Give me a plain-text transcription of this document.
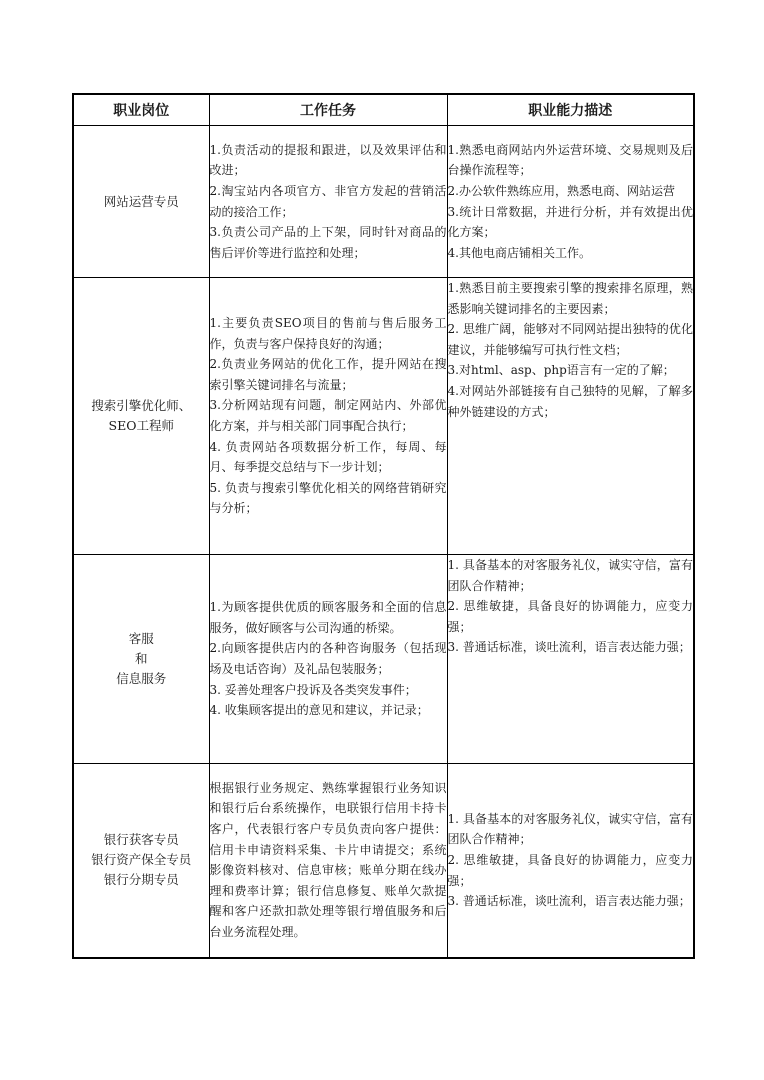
职业岗位	工作任务	职业能力描述

网站运营专员	1.负责活动的提报和跟进，以及效果评估和改进；
2.淘宝站内各项官方、非官方发起的营销活动的接洽工作；
3.负责公司产品的上下架，同时针对商品的售后评价等进行监控和处理；	1.熟悉电商网站内外运营环境、交易规则及后台操作流程等；
2.办公软件熟练应用，熟悉电商、网站运营
3.统计日常数据，并进行分析，并有效提出优化方案；
4.其他电商店铺相关工作。

搜索引擎优化师、
SEO工程师	1.主要负责SEO项目的售前与售后服务工作，负责与客户保持良好的沟通；
2.负责业务网站的优化工作，提升网站在搜索引擎关键词排名与流量；
3.分析网站现有问题，制定网站内、外部优化方案，并与相关部门同事配合执行；
4. 负责网站各项数据分析工作，每周、每月、每季提交总结与下一步计划；
5. 负责与搜索引擎优化相关的网络营销研究与分析；	1.熟悉目前主要搜索引擎的搜索排名原理，熟悉影响关键词排名的主要因素；
2. 思维广阔，能够对不同网站提出独特的优化建议，并能够编写可执行性文档；
3.对html、asp、php语言有一定的了解；
4.对网站外部链接有自己独特的见解，了解多种外链建设的方式；

客服
和
信息服务	1.为顾客提供优质的顾客服务和全面的信息服务，做好顾客与公司沟通的桥梁。
2.向顾客提供店内的各种咨询服务（包括现场及电话咨询）及礼品包装服务；
3. 妥善处理客户投诉及各类突发事件；
4. 收集顾客提出的意见和建议，并记录；	1. 具备基本的对客服务礼仪，诚实守信，富有团队合作精神；
2. 思维敏捷，具备良好的协调能力，应变力强；
3. 普通话标准，谈吐流利，语言表达能力强；

银行获客专员
银行资产保全专员
银行分期专员	根据银行业务规定、熟练掌握银行业务知识和银行后台系统操作，电联银行信用卡持卡客户，代表银行客户专员负责向客户提供：信用卡申请资料采集、卡片申请提交；系统影像资料核对、信息审核；账单分期在线办理和费率计算；银行信息修复、账单欠款提醒和客户还款扣款处理等银行增值服务和后台业务流程处理。	1. 具备基本的对客服务礼仪，诚实守信，富有团队合作精神；
2. 思维敏捷，具备良好的协调能力，应变力强；
3. 普通话标准，谈吐流利，语言表达能力强；
